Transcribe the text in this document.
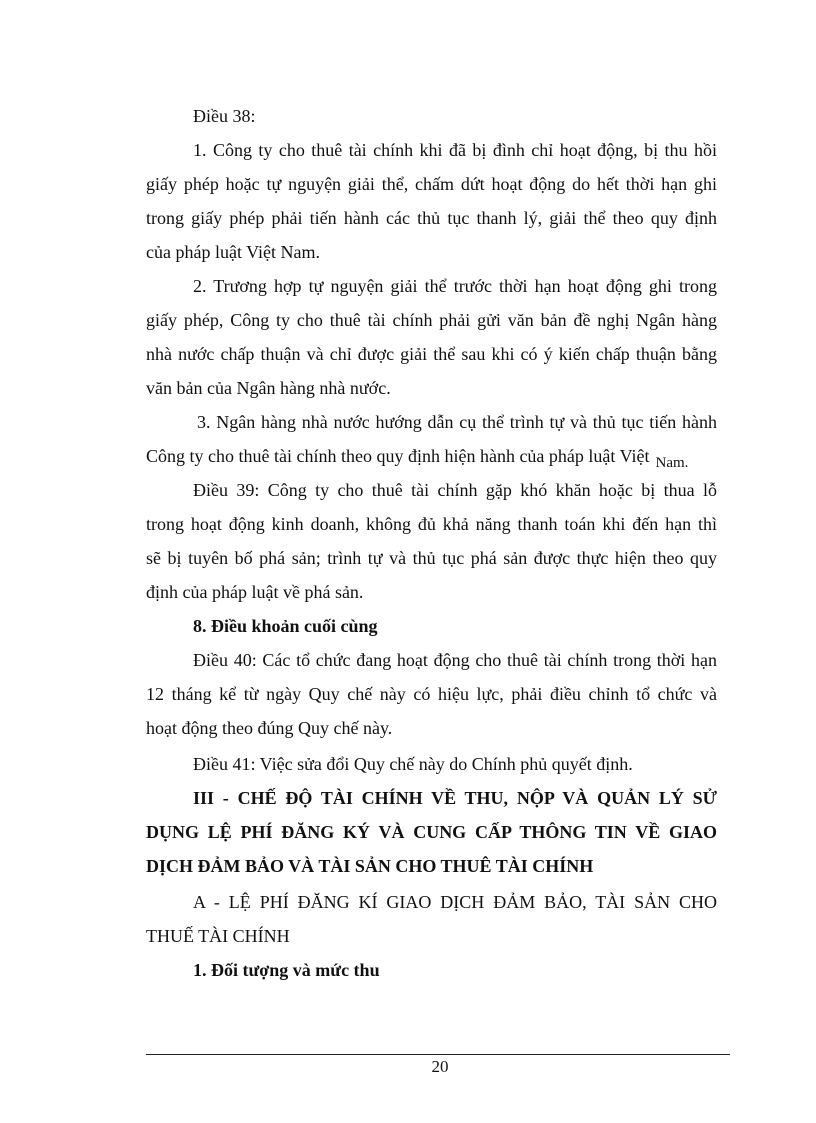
Điều 38:
1. Công ty cho thuê tài chính khi đã bị đình chỉ hoạt động, bị thu hồi
giấy phép hoặc tự nguyện giải thể, chấm dứt hoạt động do hết thời hạn ghi
trong giấy phép phải tiến hành các thủ tục thanh lý, giải thể theo quy định
của pháp luật Việt Nam.
2. Trương hợp tự nguyện giải thể trước thời hạn hoạt động ghi trong
giấy phép, Công ty cho thuê tài chính phải gửi văn bản đề nghị Ngân hàng
nhà nước chấp thuận và chỉ được giải thể sau khi có ý kiến chấp thuận bằng
văn bản của Ngân hàng nhà nước.
3. Ngân hàng nhà nước hướng dẫn cụ thể trình tự và thủ tục tiến hành
Công ty cho thuê tài chính theo quy định hiện hành của pháp luật Việt $_{Nam.}$
Điều 39: Công ty cho thuê tài chính gặp khó khăn hoặc bị thua lỗ
trong hoạt động kinh doanh, không đủ khả năng thanh toán khi đến hạn thì
sẽ bị tuyên bố phá sản; trình tự và thủ tục phá sản được thực hiện theo quy
định của pháp luật về phá sản.
8. Điều khoản cuối cùng
Điều 40: Các tổ chức đang hoạt động cho thuê tài chính trong thời hạn
12 tháng kể từ ngày Quy chế này có hiệu lực, phải điều chỉnh tổ chức và
hoạt động theo đúng Quy chế này.
Điều 41: Việc sửa đổi Quy chế này do Chính phủ quyết định.
III - CHẾ ĐỘ TÀI CHÍNH VỀ THU, NỘP VÀ QUẢN LÝ SỬ
DỤNG LỆ PHÍ ĐĂNG KÝ VÀ CUNG CẤP THÔNG TIN VỀ GIAO
DỊCH ĐẢM BẢO VÀ TÀI SẢN CHO THUÊ TÀI CHÍNH
A - LỆ PHÍ ĐĂNG KÍ GIAO DỊCH ĐẢM BẢO, TÀI SẢN CHO
THUẾ TÀI CHÍNH
1. Đối tượng và mức thu
20
